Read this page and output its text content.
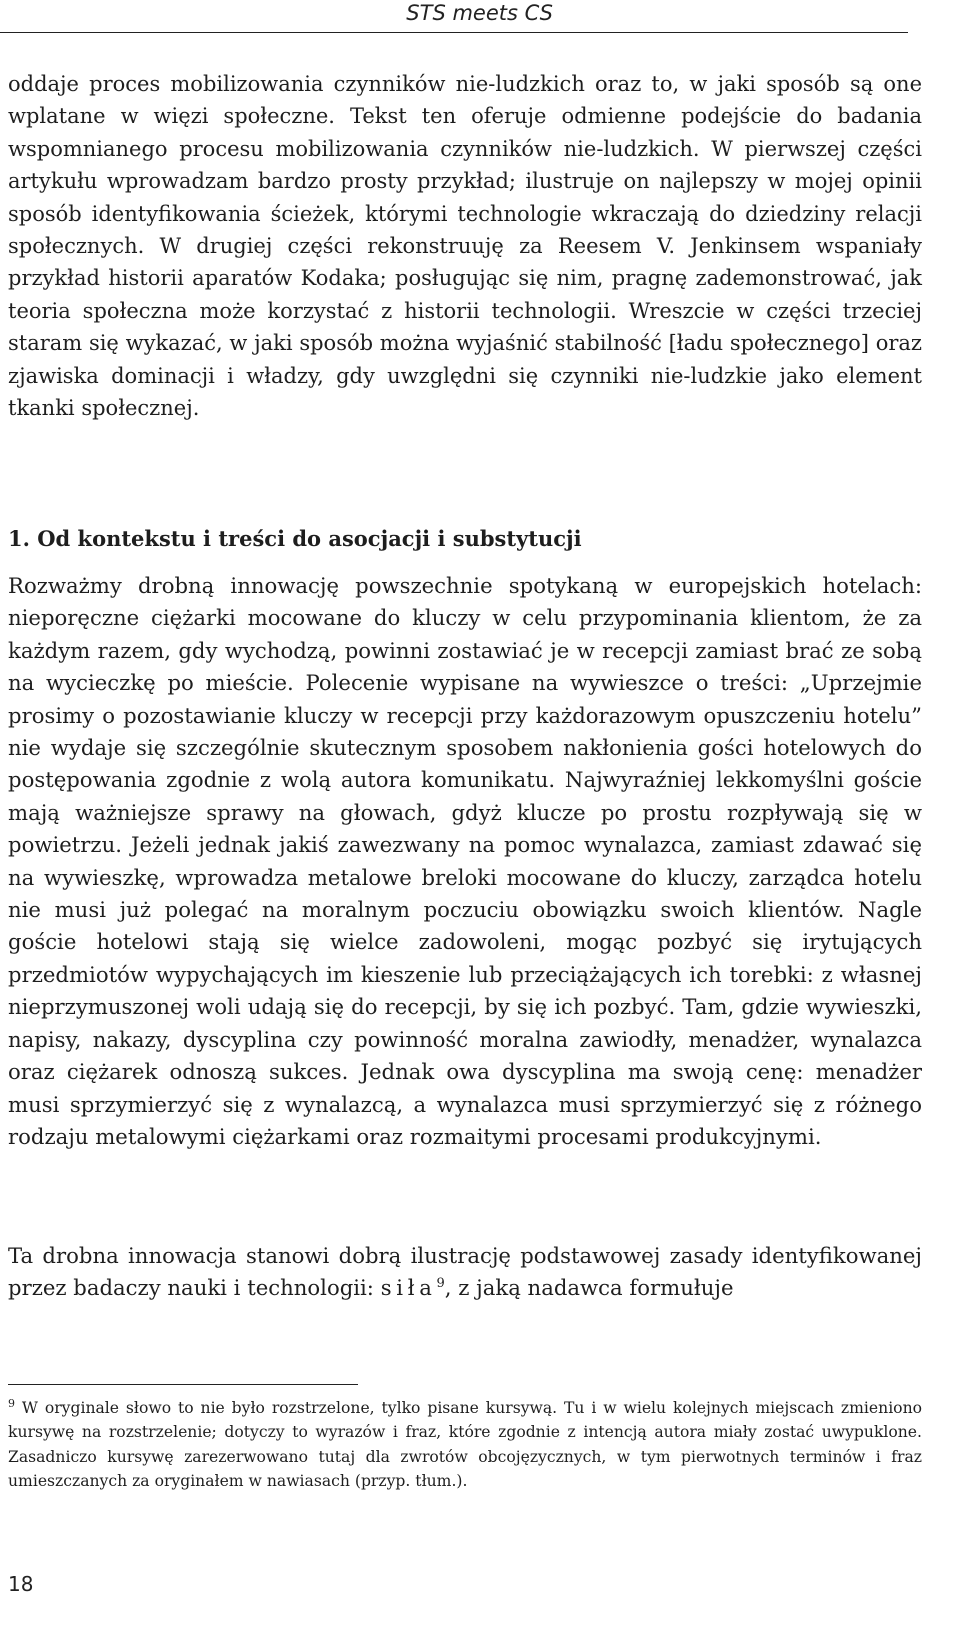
STS meets CS

oddaje proces mobilizowania czynników nie-ludzkich oraz to, w jaki sposób są one wplatane w więzi społeczne. Tekst ten oferuje odmienne podejście do badania wspomnianego procesu mobilizowania czynników nie-ludzkich. W pierwszej części artykułu wprowadzam bardzo prosty przykład; ilustruje on najlepszy w mojej opinii sposób identyfikowania ścieżek, którymi technologie wkraczają do dziedziny relacji społecznych. W drugiej części rekonstruuję za Reesem V. Jenkinsem wspaniały przykład historii aparatów Kodaka; posługując się nim, pragnę zademonstrować, jak teoria społeczna może korzystać z historii technologii. Wreszcie w części trzeciej staram się wykazać, w jaki sposób można wyjaśnić stabilność [ładu społecznego] oraz zjawiska dominacji i władzy, gdy uwzględni się czynniki nie-ludzkie jako element tkanki społecznej.

1. Od kontekstu i treści do asocjacji i substytucji

Rozważmy drobną innowację powszechnie spotykaną w europejskich hotelach: nieporęczne ciężarki mocowane do kluczy w celu przypominania klientom, że za każdym razem, gdy wychodzą, powinni zostawiać je w recepcji zamiast brać ze sobą na wycieczkę po mieście. Polecenie wypisane na wywieszce o treści: „Uprzejmie prosimy o pozostawianie kluczy w recepcji przy każdorazowym opuszczeniu hotelu” nie wydaje się szczególnie skutecznym sposobem nakłonienia gości hotelowych do postępowania zgodnie z wolą autora komunikatu. Najwyraźniej lekkomyślni goście mają ważniejsze sprawy na głowach, gdyż klucze po prostu rozpływają się w powietrzu. Jeżeli jednak jakiś zawezwany na pomoc wynalazca, zamiast zdawać się na wywieszkę, wprowadza metalowe breloki mocowane do kluczy, zarządca hotelu nie musi już polegać na moralnym poczuciu obowiązku swoich klientów. Nagle goście hotelowi stają się wielce zadowoleni, mogąc pozbyć się irytujących przedmiotów wypychających im kieszenie lub przeciążających ich torebki: z własnej nieprzymuszonej woli udają się do recepcji, by się ich pozbyć. Tam, gdzie wywieszki, napisy, nakazy, dyscyplina czy powinność moralna zawiodły, menadżer, wynalazca oraz ciężarek odnoszą sukces. Jednak owa dyscyplina ma swoją cenę: menadżer musi sprzymierzyć się z wynalazcą, a wynalazca musi sprzymierzyć się z różnego rodzaju metalowymi ciężarkami oraz rozmaitymi procesami produkcyjnymi.

Ta drobna innowacja stanowi dobrą ilustrację podstawowej zasady identyfikowanej przez badaczy nauki i technologii: siła$^9$, z jaką nadawca formułuje

$^9$ W oryginale słowo to nie było rozstrzelone, tylko pisane kursywą. Tu i w wielu kolejnych miejscach zmieniono kursywę na rozstrzelenie; dotyczy to wyrazów i fraz, które zgodnie z intencją autora miały zostać uwypuklone. Zasadniczo kursywę zarezerwowano tutaj dla zwrotów obcojęzycznych, w tym pierwotnych terminów i fraz umieszczanych za oryginałem w nawiasach (przyp. tłum.).

18
